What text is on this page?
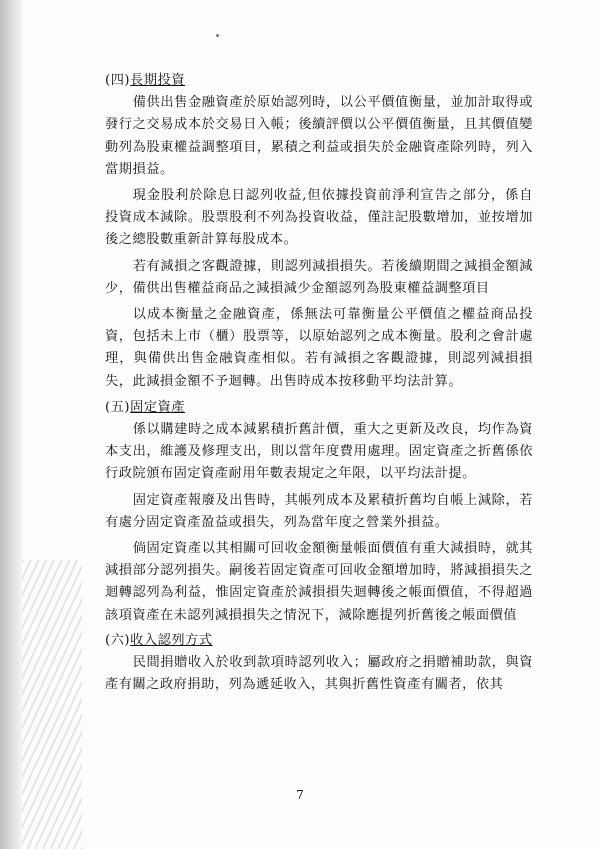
(四)長期投資

備供出售金融資產於原始認列時，以公平價值衡量，並加計取得或發行之交易成本於交易日入帳；後續評價以公平價值衡量，且其價值變動列為股東權益調整項目，累積之利益或損失於金融資產除列時，列入當期損益。

現金股利於除息日認列收益,但依據投資前淨利宣告之部分，係自投資成本減除。股票股利不列為投資收益，僅註記股數增加，並按增加後之總股數重新計算每股成本。

若有減損之客觀證據，則認列減損損失。若後續期間之減損金額減少，備供出售權益商品之減損減少金額認列為股東權益調整項目

以成本衡量之金融資產，係無法可靠衡量公平價值之權益商品投資，包括未上市（櫃）股票等，以原始認列之成本衡量。股利之會計處理，與備供出售金融資產相似。若有減損之客觀證據，則認列減損損失，此減損金額不予迴轉。出售時成本按移動平均法計算。

(五)固定資產

係以購建時之成本減累積折舊計價，重大之更新及改良，均作為資本支出，維護及修理支出，則以當年度費用處理。固定資產之折舊係依行政院頒布固定資產耐用年數表規定之年限，以平均法計提。

固定資產報廢及出售時，其帳列成本及累積折舊均自帳上減除，若有處分固定資產盈益或損失，列為當年度之營業外損益。

倘固定資產以其相關可回收金額衡量帳面價值有重大減損時，就其減損部分認列損失。嗣後若固定資產可回收金額增加時，將減損損失之迴轉認列為利益，惟固定資產於減損損失迴轉後之帳面價值，不得超過該項資產在未認列減損損失之情況下，減除應提列折舊後之帳面價值

(六)收入認列方式

民間捐贈收入於收到款項時認列收入；屬政府之捐贈補助款，與資產有關之政府捐助，列為遞延收入，其與折舊性資產有關者，依其

7
